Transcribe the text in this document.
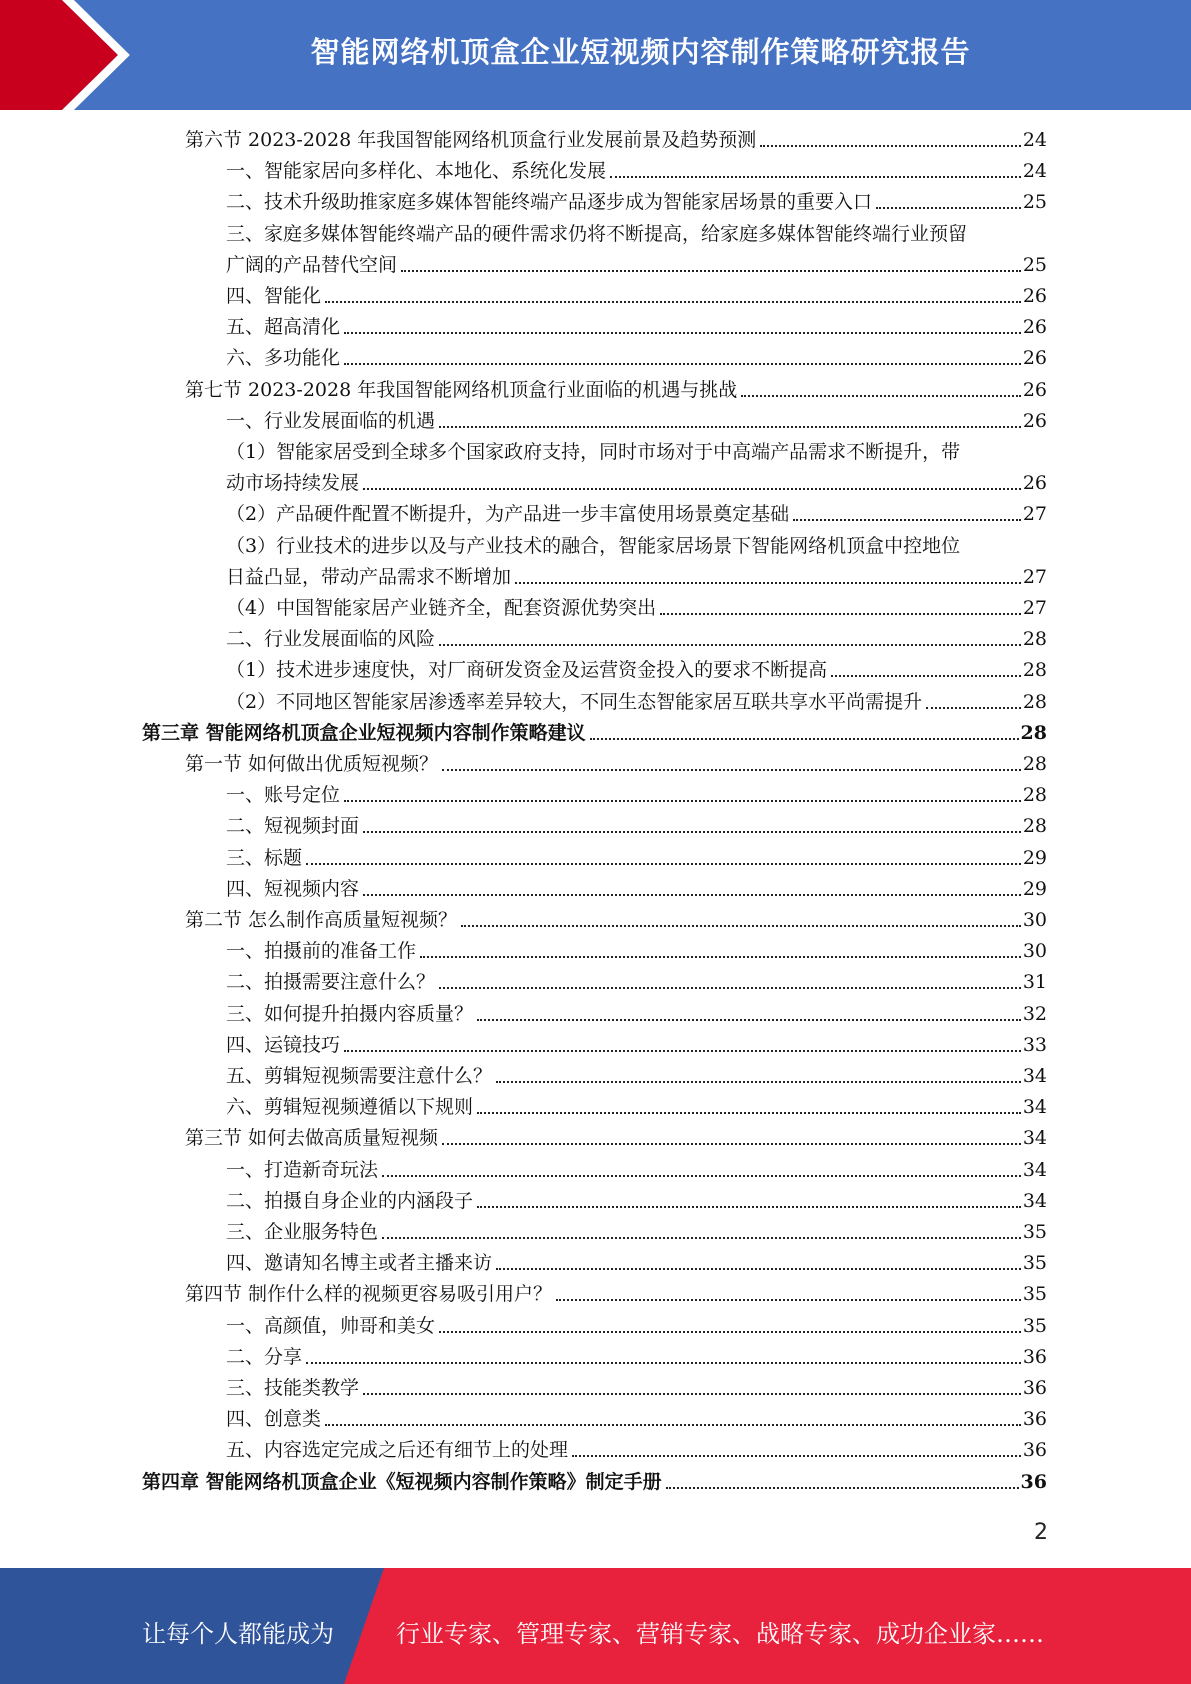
智能网络机顶盒企业短视频内容制作策略研究报告
第六节 2023-2028 年我国智能网络机顶盒行业发展前景及趋势预测	24
一、智能家居向多样化、本地化、系统化发展	24
二、技术升级助推家庭多媒体智能终端产品逐步成为智能家居场景的重要入口	25
三、家庭多媒体智能终端产品的硬件需求仍将不断提高，给家庭多媒体智能终端行业预留
广阔的产品替代空间	25
四、智能化	26
五、超高清化	26
六、多功能化	26
第七节 2023-2028 年我国智能网络机顶盒行业面临的机遇与挑战	26
一、行业发展面临的机遇	26
（1）智能家居受到全球多个国家政府支持，同时市场对于中高端产品需求不断提升，带
动市场持续发展	26
（2）产品硬件配置不断提升，为产品进一步丰富使用场景奠定基础	27
（3）行业技术的进步以及与产业技术的融合，智能家居场景下智能网络机顶盒中控地位
日益凸显，带动产品需求不断增加	27
（4）中国智能家居产业链齐全，配套资源优势突出	27
二、行业发展面临的风险	28
（1）技术进步速度快，对厂商研发资金及运营资金投入的要求不断提高	28
（2）不同地区智能家居渗透率差异较大，不同生态智能家居互联共享水平尚需提升	28
第三章 智能网络机顶盒企业短视频内容制作策略建议	28
第一节 如何做出优质短视频？	28
一、账号定位	28
二、短视频封面	28
三、标题	29
四、短视频内容	29
第二节 怎么制作高质量短视频？	30
一、拍摄前的准备工作	30
二、拍摄需要注意什么？	31
三、如何提升拍摄内容质量？	32
四、运镜技巧	33
五、剪辑短视频需要注意什么？	34
六、剪辑短视频遵循以下规则	34
第三节 如何去做高质量短视频	34
一、打造新奇玩法	34
二、拍摄自身企业的内涵段子	34
三、企业服务特色	35
四、邀请知名博主或者主播来访	35
第四节 制作什么样的视频更容易吸引用户？	35
一、高颜值，帅哥和美女	35
二、分享	36
三、技能类教学	36
四、创意类	36
五、内容选定完成之后还有细节上的处理	36
第四章 智能网络机顶盒企业《短视频内容制作策略》制定手册	36
2
让每个人都能成为	行业专家、管理专家、营销专家、战略专家、成功企业家……
